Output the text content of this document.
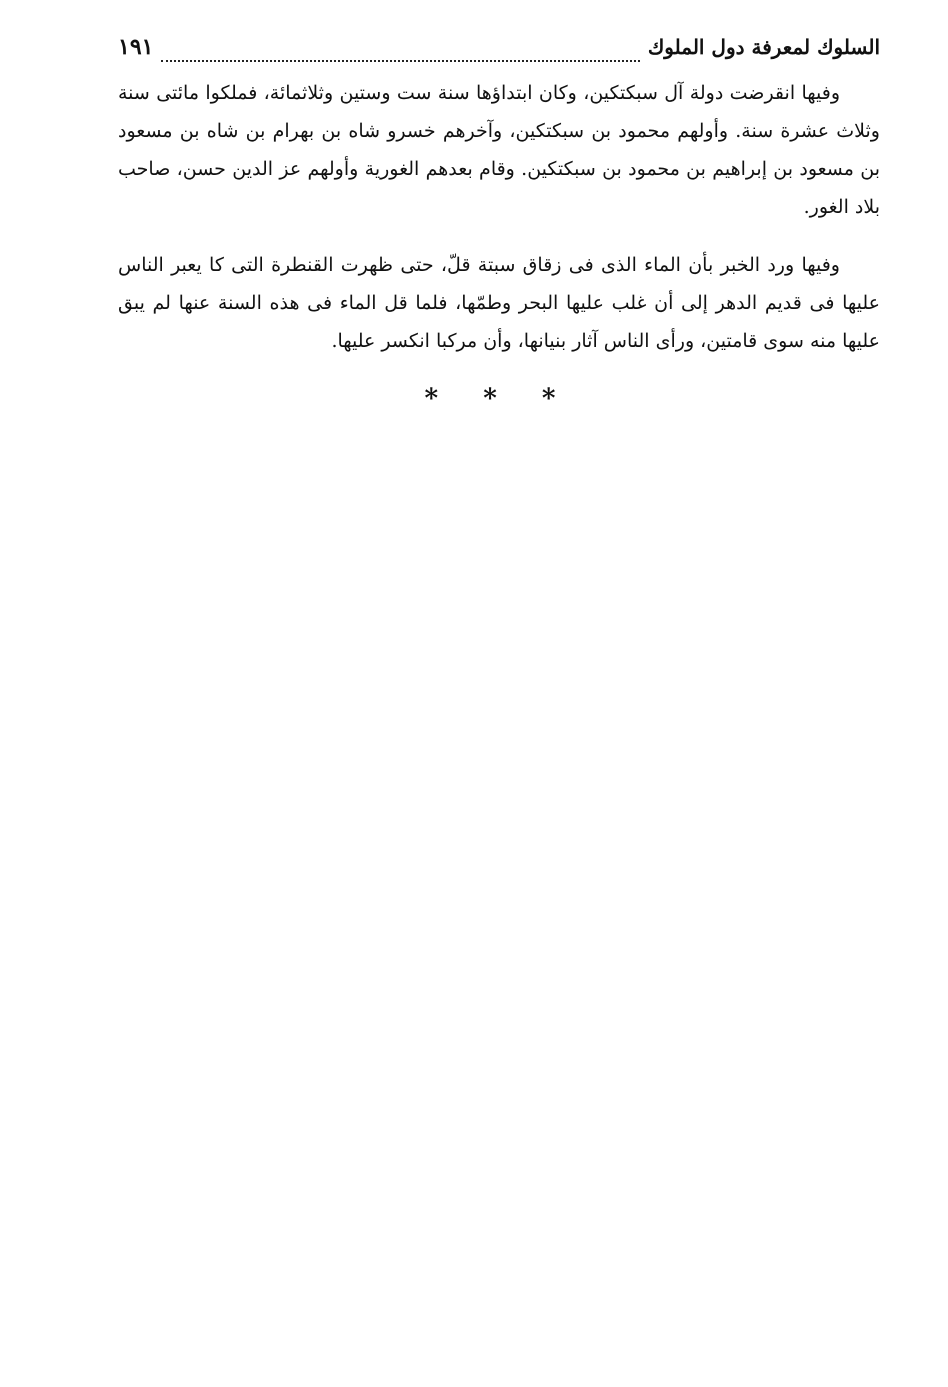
السلوك لمعرفة دول الملوك
١٩١

وفيها انقرضت دولة آل سبكتكين، وكان ابتداؤها سنة ست وستين وثلاثمائة، فملكوا مائتى سنة وثلاث عشرة سنة. وأولهم محمود بن سبكتكين، وآخرهم خسرو شاه بن بهرام بن شاه بن مسعود بن مسعود بن إبراهيم بن محمود بن سبكتكين. وقام بعدهم الغورية وأولهم عز الدين حسن، صاحب بلاد الغور.

وفيها ورد الخبر بأن الماء الذى فى زقاق سبتة قلّ، حتى ظهرت القنطرة التى كا يعبر الناس عليها فى قديم الدهر إلى أن غلب عليها البحر وطمّها، فلما قل الماء فى هذه السنة عنها لم يبق عليها منه سوى قامتين، ورأى الناس آثار بنيانها، وأن مركبا انكسر عليها.

* * *
